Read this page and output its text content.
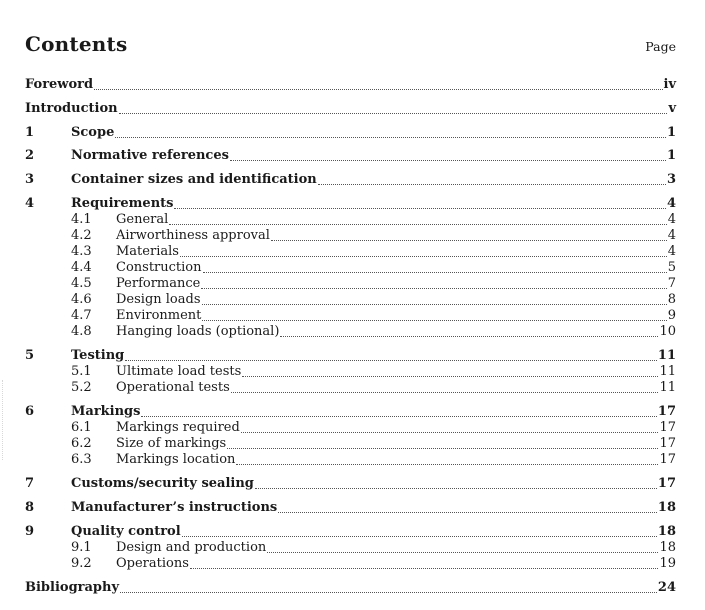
Contents	Page
Foreword	iv
Introduction	v
1	Scope	1
2	Normative references	1
3	Container sizes and identification	3
4	Requirements	4
4.1	General	4
4.2	Airworthiness approval	4
4.3	Materials	4
4.4	Construction	5
4.5	Performance	7
4.6	Design loads	8
4.7	Environment	9
4.8	Hanging loads (optional)	10
5	Testing	11
5.1	Ultimate load tests	11
5.2	Operational tests	11
6	Markings	17
6.1	Markings required	17
6.2	Size of markings	17
6.3	Markings location	17
7	Customs/security sealing	17
8	Manufacturer’s instructions	18
9	Quality control	18
9.1	Design and production	18
9.2	Operations	19
Bibliography	24
